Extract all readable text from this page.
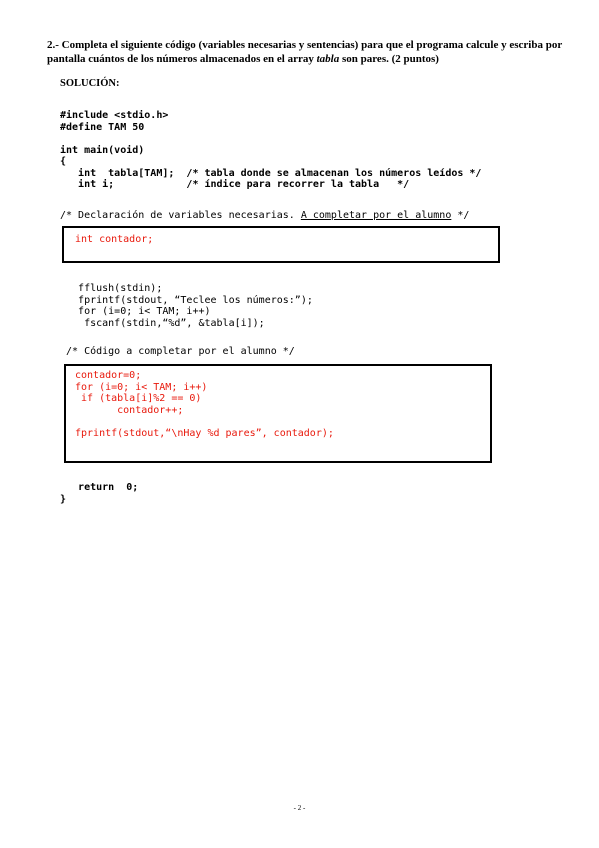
2.- Completa el siguiente código (variables necesarias y sentencias) para que el programa calcule y escriba por pantalla cuántos de los números almacenados en el array tabla son pares. (2 puntos)
SOLUCIÓN:
#include <stdio.h>
#define TAM 50
int main(void)
{
int  tabla[TAM];  /* tabla donde se almacenan los números leídos */
int i;            /* índice para recorrer la tabla   */
/* Declaración de variables necesarias. A completar por el alumno */
int contador;
fflush(stdin);
fprintf(stdout, “Teclee los números:”);
for (i=0; i< TAM; i++)
fscanf(stdin,“%d”, &tabla[i]);
/* Código a completar por el alumno */
contador=0;
for (i=0; i< TAM; i++)
if (tabla[i]%2 == 0)
contador++;
fprintf(stdout,“\nHay %d pares”, contador);
return  0;
}
- 2 -
